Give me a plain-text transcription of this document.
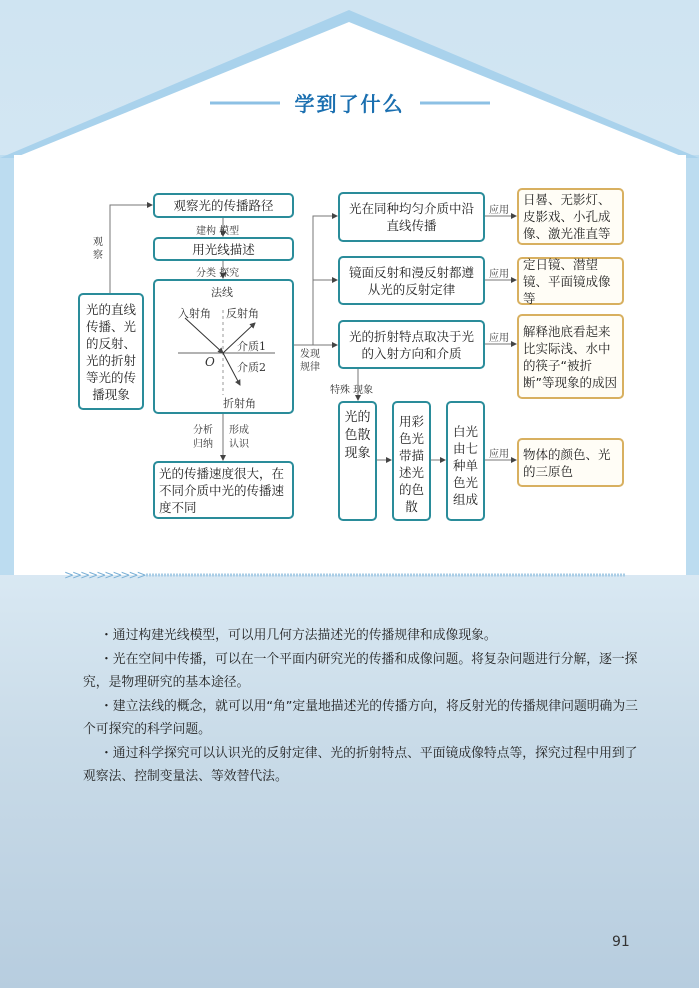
学到了什么
观察光的传播路径
建构 模型
用光线描述
分类 探究
法线
入射角 反射角
介质1
O 介质2
折射角
分析
归纳
形成
认识
光的传播速度很大，在不同介质中光的传播速度不同
观察
光的直线传播、光的反射、光的折射等光的传播现象
发现
规律
光在同种均匀介质中沿直线传播
镜面反射和漫反射都遵从光的反射定律
光的折射特点取决于光的入射方向和介质
应用
应用
应用
应用
日晷、无影灯、皮影戏、小孔成像、激光准直等
定日镜、潜望镜、平面镜成像等
解释池底看起来比实际浅、水中的筷子“被折断”等现象的成因
物体的颜色、光的三原色
特殊 现象
光的色散现象
用彩色光带描述光的色散
白光由七种单色光组成
>>>>>>>>>>

・通过构建光线模型，可以用几何方法描述光的传播规律和成像现象。

・光在空间中传播，可以在一个平面内研究光的传播和成像问题。将复杂问题进行分解，逐一探究，是物理研究的基本途径。

・建立法线的概念，就可以用“角”定量地描述光的传播方向，将反射光的传播规律问题明确为三个可探究的科学问题。

・通过科学探究可以认识光的反射定律、光的折射特点、平面镜成像特点等，探究过程中用到了观察法、控制变量法、等效替代法。

91
